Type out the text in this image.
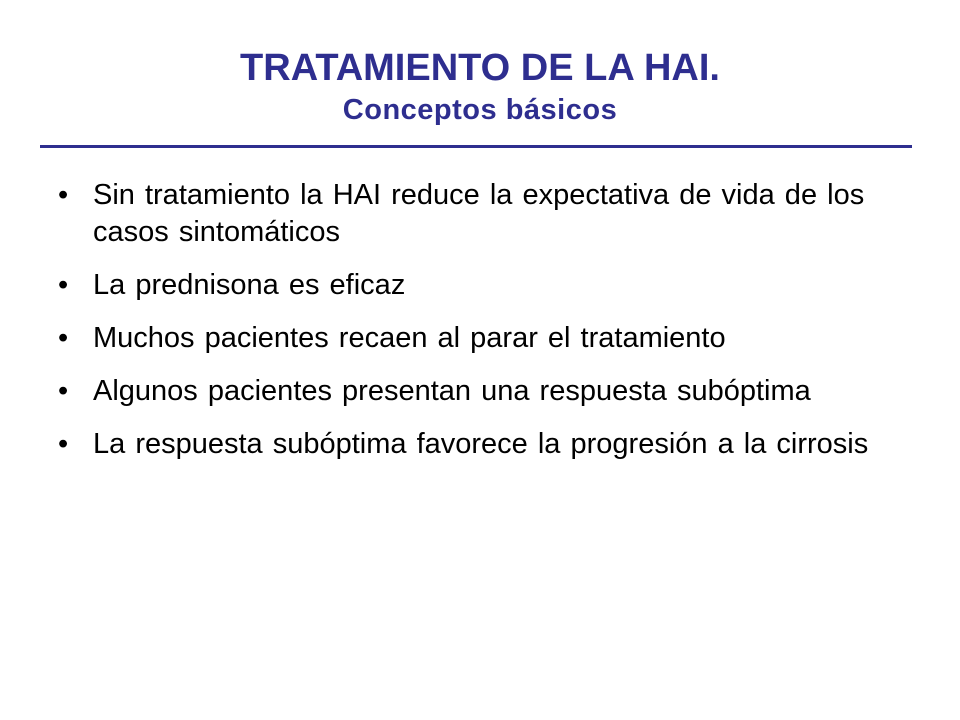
TRATAMIENTO DE LA HAI.
Conceptos básicos
• Sin tratamiento la HAI reduce la expectativa de vida de los casos sintomáticos
• La prednisona es eficaz
• Muchos pacientes recaen al parar el tratamiento
• Algunos pacientes presentan una respuesta subóptima
• La respuesta subóptima favorece la progresión a la cirrosis
